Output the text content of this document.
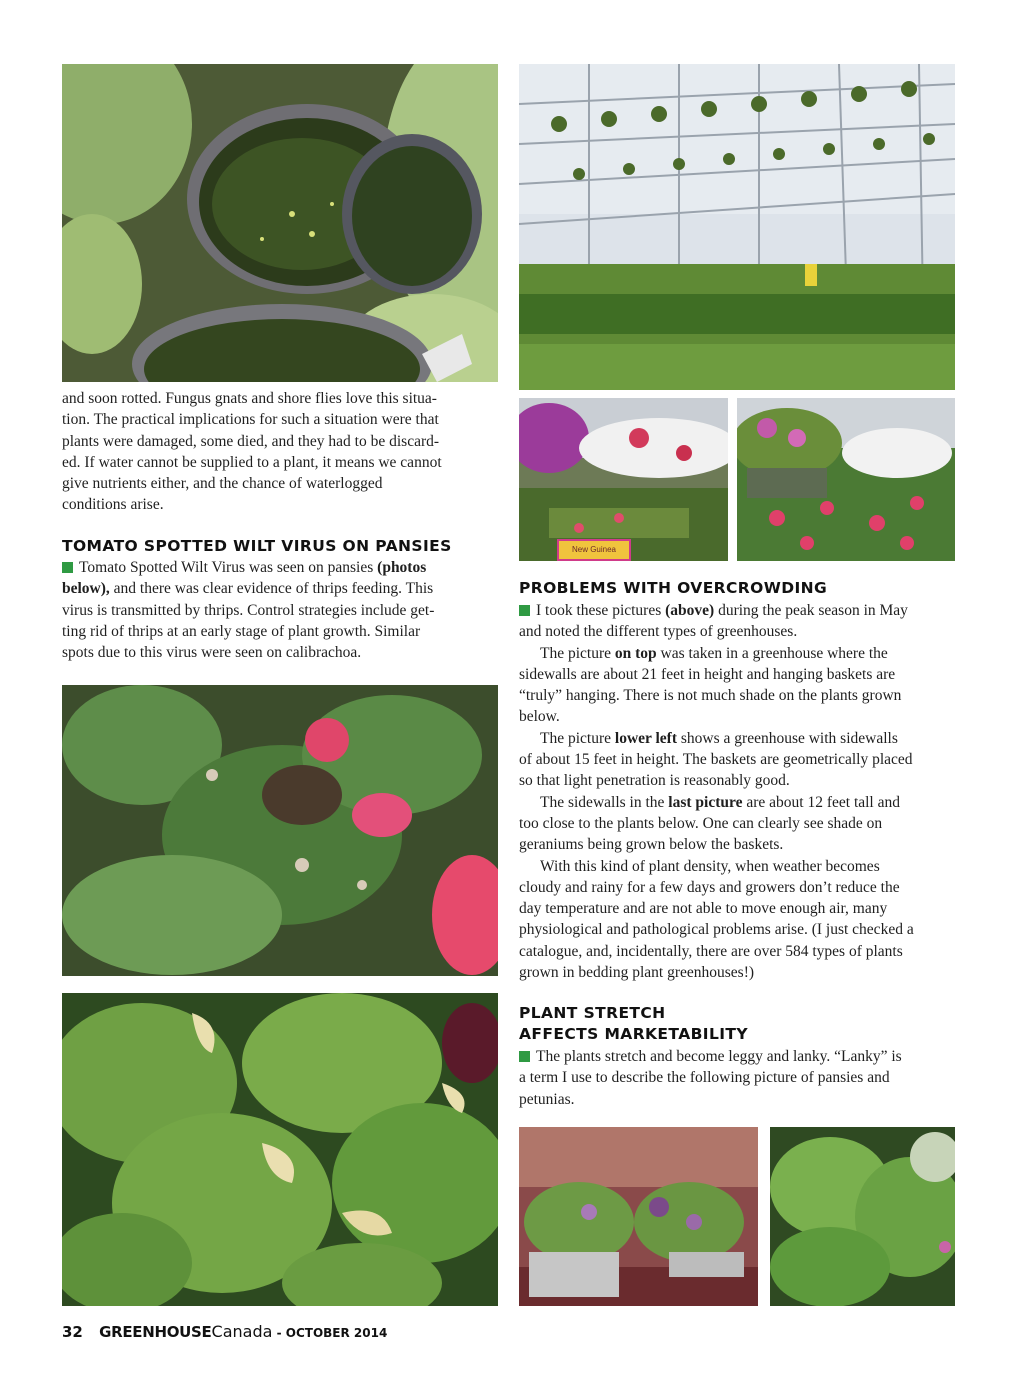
New Guinea

and soon rotted. Fungus gnats and shore flies love this situa-

tion. The practical implications for such a situation were that

plants were damaged, some died, and they had to be discard-

ed. If water cannot be supplied to a plant, it means we cannot

give nutrients either, and the chance of waterlogged

conditions arise.

TOMATO SPOTTED WILT VIRUS ON PANSIES

Tomato Spotted Wilt Virus was seen on pansies (photos

below), and there was clear evidence of thrips feeding. This

virus is transmitted by thrips. Control strategies include get-

ting rid of thrips at an early stage of plant growth. Similar

spots due to this virus were seen on calibrachoa.

PROBLEMS WITH OVERCROWDING

I took these pictures (above) during the peak season in May

and noted the different types of greenhouses.

The picture on top was taken in a greenhouse where the

sidewalls are about 21 feet in height and hanging baskets are

“truly” hanging. There is not much shade on the plants grown

below.

The picture lower left shows a greenhouse with sidewalls

of about 15 feet in height. The baskets are geometrically placed

so that light penetration is reasonably good.

The sidewalls in the last picture are about 12 feet tall and

too close to the plants below. One can clearly see shade on

geraniums being grown below the baskets.

With this kind of plant density, when weather becomes

cloudy and rainy for a few days and growers don’t reduce the

day temperature and are not able to move enough air, many

physiological and pathological problems arise. (I just checked a

catalogue, and, incidentally, there are over 584 types of plants

grown in bedding plant greenhouses!)

PLANT STRETCH
AFFECTS MARKETABILITY

The plants stretch and become leggy and lanky. “Lanky” is

a term I use to describe the following picture of pansies and

petunias.

32 GREENHOUSECanada - OCTOBER 2014
